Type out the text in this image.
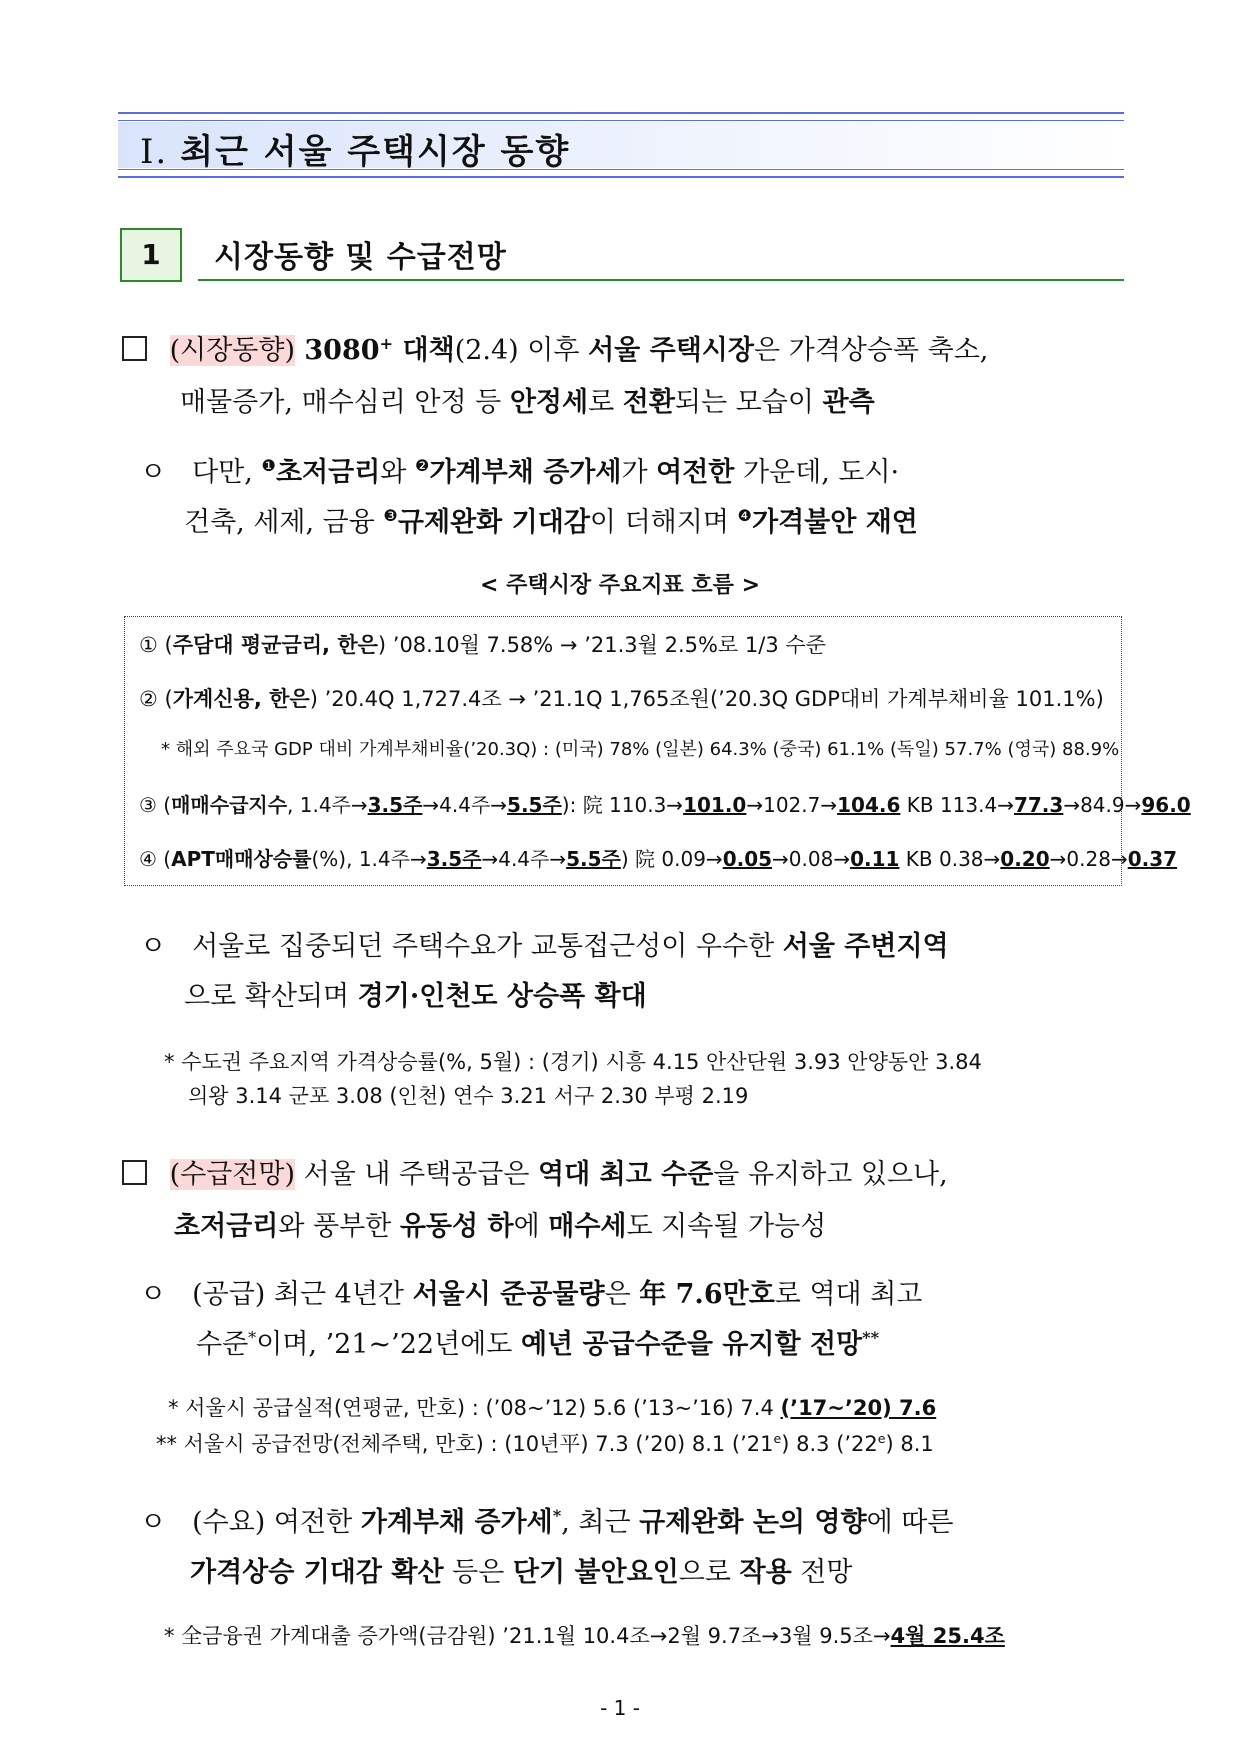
Ⅰ. 최근 서울 주택시장 동향
1	시장동향 및 수급전망
(시장동향) 3080+ 대책(2.4) 이후 서울 주택시장은 가격상승폭 축소,
매물증가, 매수심리 안정 등 안정세로 전환되는 모습이 관측
ㅇ 다만, $^❶$초저금리와 $^❷$가계부채 증가세가 여전한 가운데, 도시·
건축, 세제, 금융 $^❸$규제완화 기대감이 더해지며 $^❹$가격불안 재연
< 주택시장 주요지표 흐름 >
① (주담대 평균금리, 한은) ’08.10월 7.58% → ’21.3월 2.5%로 1/3 수준
② (가계신용, 한은) ’20.4Q 1,727.4조 → ’21.1Q 1,765조원(’20.3Q GDP대비 가계부채비율 101.1%)
* 해외 주요국 GDP 대비 가계부채비율(’20.3Q) : (미국) 78% (일본) 64.3% (중국) 61.1% (독일) 57.7% (영국) 88.9%
③ (매매수급지수, 1.4주→3.5주→4.4주→5.5주): 院 110.3→101.0→102.7→104.6 KB 113.4→77.3→84.9→96.0
④ (APT매매상승률(%), 1.4주→3.5주→4.4주→5.5주) 院 0.09→0.05→0.08→0.11 KB 0.38→0.20→0.28→0.37
ㅇ 서울로 집중되던 주택수요가 교통접근성이 우수한 서울 주변지역
으로 확산되며 경기·인천도 상승폭 확대
* 수도권 주요지역 가격상승률(%, 5월) : (경기) 시흥 4.15 안산단원 3.93 안양동안 3.84
의왕 3.14 군포 3.08 (인천) 연수 3.21 서구 2.30 부평 2.19
(수급전망) 서울 내 주택공급은 역대 최고 수준을 유지하고 있으나,
초저금리와 풍부한 유동성 하에 매수세도 지속될 가능성
ㅇ (공급) 최근 4년간 서울시 준공물량은 年 7.6만호로 역대 최고
수준*이며, ’21~’22년에도 예년 공급수준을 유지할 전망**
* 서울시 공급실적(연평균, 만호) : (’08~’12) 5.6 (’13~’16) 7.4 (’17~’20) 7.6
** 서울시 공급전망(전체주택, 만호) : (10년平) 7.3 (’20) 8.1 (’21e) 8.3 (’22e) 8.1
ㅇ (수요) 여전한 가계부채 증가세*, 최근 규제완화 논의 영향에 따른
가격상승 기대감 확산 등은 단기 불안요인으로 작용 전망
* 全금융권 가계대출 증가액(금감원) ’21.1월 10.4조→2월 9.7조→3월 9.5조→4월 25.4조
- 1 -
